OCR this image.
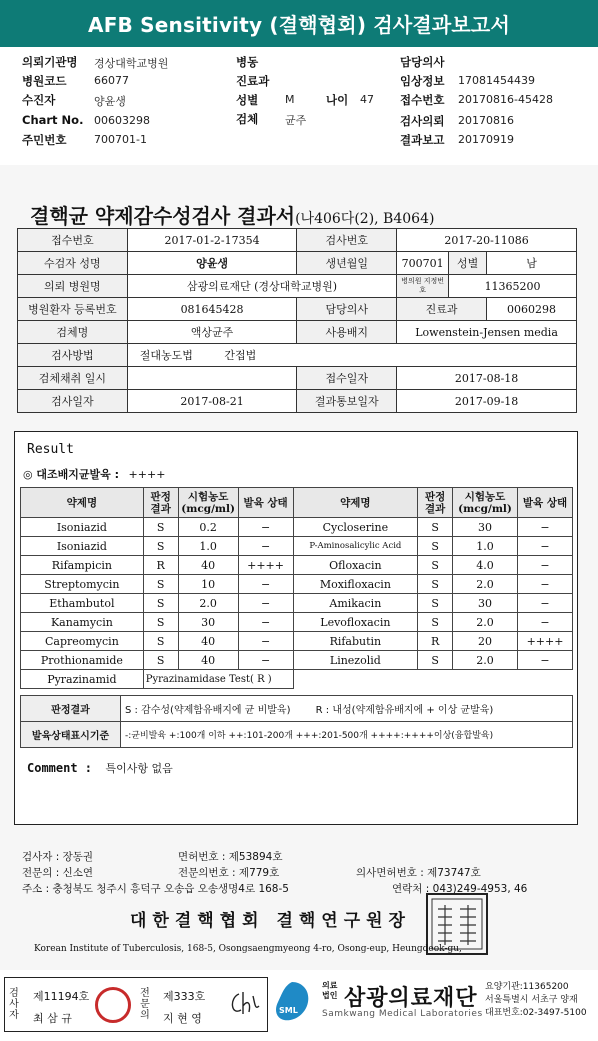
AFB Sensitivity (결핵협회) 검사결과보고서
의뢰기관명 경상대학교병원	병동	담당의사
병원코드	66077	진료과	임상정보 17081454439
수진자	양윤생	성별 M	나이 47 접수번호 20170816-45428
Chart No. 00603298	검체 균주	검사의뢰 20170816
주민번호	700701-1	결과보고 20170919
결핵균 약제감수성검사 결과서(나406다(2), B4064)
접수번호	2017-01-2-17354	검사번호	2017-20-11086		
수검자 성명	양윤생	생년월일	700701	성별	남
의뢰 병원명	삼광의료재단 (경상대학교병원)		병의원 지정번호	11365200	
병원환자 등록번호	081645428	담당의사	진료과		0060298
검체명	액상균주	사용배지	Lowenstein-Jensen media		
검사방법	절대농도법 간접법				
검체채취 일시		접수일자	2017-08-18		
검사일자	2017-08-21	결과통보일자	2017-09-18		
Result
◎ 대조배지균발육 : ++++
약제명	판정 결과	시험농도 (mcg/ml)	발육 상태	약제명	판정 결과	시험농도 (mcg/ml)	발육 상태
Isoniazid	S	0.2	−	Cycloserine	S	30	−
Isoniazid	S	1.0	−	P-Aminosalicylic Acid	S	1.0	−
Rifampicin	R	40	++++	Ofloxacin	S	4.0	−
Streptomycin	S	10	−	Moxifloxacin	S	2.0	−
Ethambutol	S	2.0	−	Amikacin	S	30	−
Kanamycin	S	30	−	Levofloxacin	S	2.0	−
Capreomycin	S	40	−	Rifabutin	R	20	++++
Prothionamide	S	40	−	Linezolid	S	2.0	−
Pyrazinamid	Pyrazinamidase Test( R )						
판정결과	S : 감수성(약제함유배지에 균 비발육) R : 내성(약제함유배지에 + 이상 균발육)
발육상태표시기준	-:균비발육 +:100개 이하 ++:101-200개 +++:201-500개 ++++:++++이상(융합발육)
Comment : 특이사항 없음
검사자 : 장동권	면허번호 : 제53894호
전문의 : 신소연	전문의번호 : 제779호	의사면허번호 : 제73747호
주소 : 충청북도 청주시 흥덕구 오송읍 오송생명4로 168-5	연락처 : 043)249-4953, 46
대한결핵협회 결핵연구원장
Korean Institute of Tuberculosis, 168-5, Osongsaengmyeong 4-ro, Osong-eup, Heungdeok-gu,
검사자
제11194호
최 삼 규
전문의
제333호
지 현 영
SML
의료법인 삼광의료재단
Samkwang Medical Laboratories
요양기관:11365200
서울특별시 서초구 양재
대표번호:02-3497-5100
